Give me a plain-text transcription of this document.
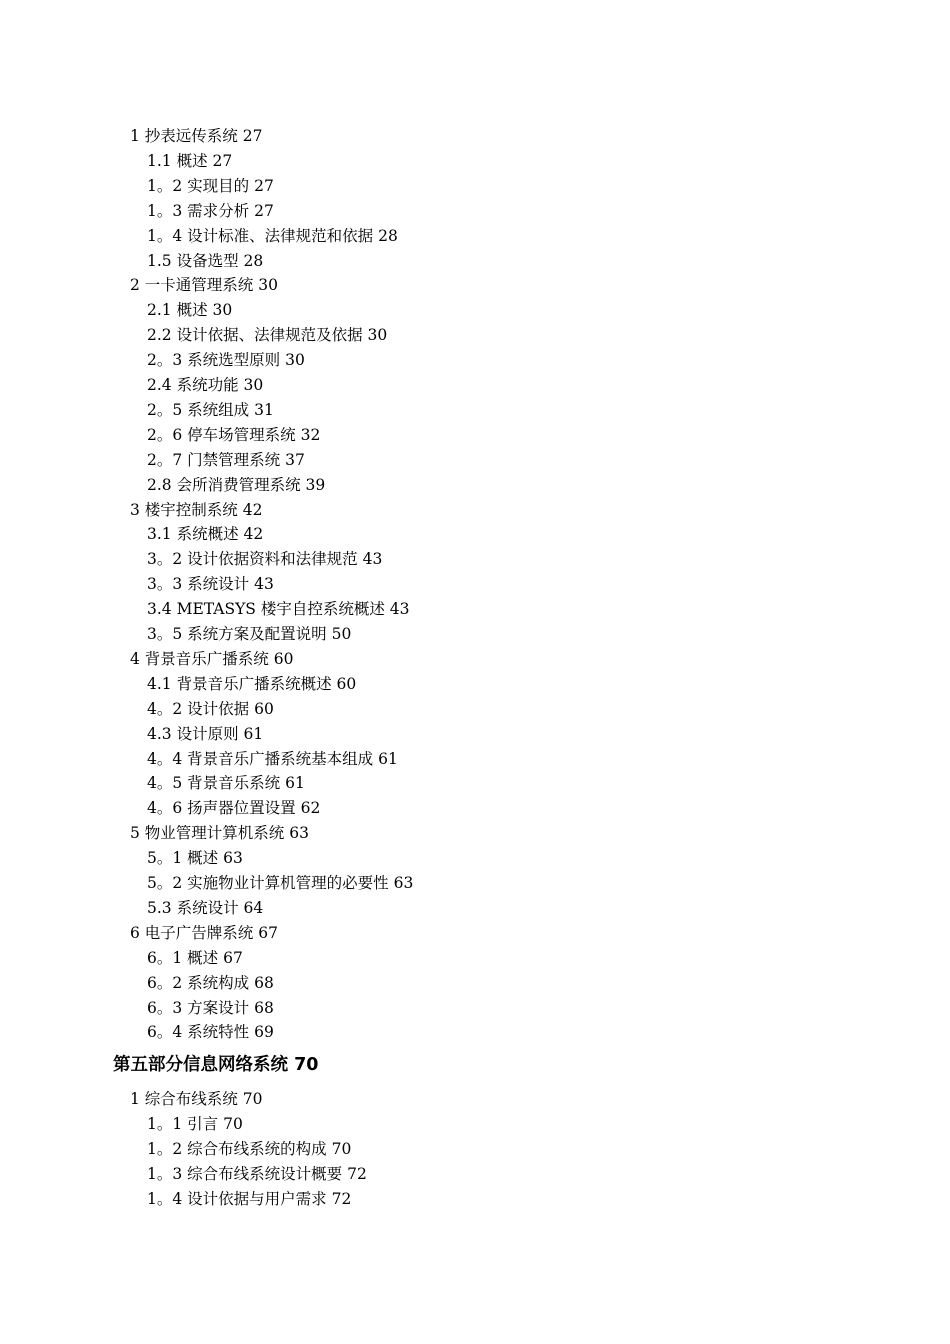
第五部分信息网络系统 70
1 抄表远传系统 27
1.1 概述 27
1。2 实现目的 27
1。3 需求分析 27
1。4 设计标准、法律规范和依据 28
1.5 设备选型 28
2 一卡通管理系统 30
2.1 概述 30
2.2 设计依据、法律规范及依据 30
2。3 系统选型原则 30
2.4 系统功能 30
2。5 系统组成 31
2。6 停车场管理系统 32
2。7 门禁管理系统 37
2.8 会所消费管理系统 39
3 楼宇控制系统 42
3.1 系统概述 42
3。2 设计依据资料和法律规范 43
3。3 系统设计 43
3.4 METASYS 楼宇自控系统概述 43
3。5 系统方案及配置说明 50
4 背景音乐广播系统 60
4.1 背景音乐广播系统概述 60
4。2 设计依据 60
4.3 设计原则 61
4。4 背景音乐广播系统基本组成 61
4。5 背景音乐系统 61
4。6 扬声器位置设置 62
5 物业管理计算机系统 63
5。1 概述 63
5。2 实施物业计算机管理的必要性 63
5.3 系统设计 64
6 电子广告牌系统 67
6。1 概述 67
6。2 系统构成 68
6。3 方案设计 68
6。4 系统特性 69
1 综合布线系统 70
1。1 引言 70
1。2 综合布线系统的构成 70
1。3 综合布线系统设计概要 72
1。4 设计依据与用户需求 72
